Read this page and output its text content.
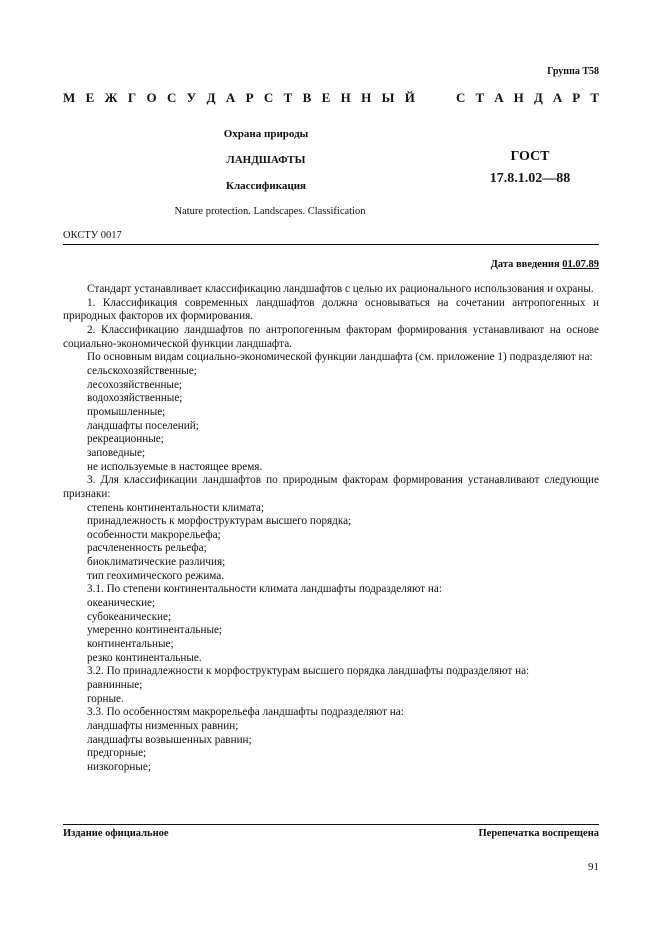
Группа Т58
М Е Ж Г О С У Д А Р С Т В Е Н Н Ы Й	С Т А Н Д А Р Т
Охрана природы
ЛАНДШАФТЫ
Классификация
Nature protection. Landscapes. Classification
ГОСТ
17.8.1.02—88
ОКСТУ 0017
Дата введения 01.07.89

Стандарт устанавливает классификацию ландшафтов с целью их рационального использования и охраны.

1. Классификация современных ландшафтов должна основываться на сочетании антропогенных и природных факторов их формирования.

2. Классификацию ландшафтов по антропогенным факторам формирования устанавливают на основе социально-экономической функции ландшафта.

По основным видам социально-экономической функции ландшафта (см. приложение 1) подразделяют на:

сельскохозяйственные;

лесохозяйственные;

водохозяйственные;

промышленные;

ландшафты поселений;

рекреационные;

заповедные;

не используемые в настоящее время.

3. Для классификации ландшафтов по природным факторам формирования устанавливают следующие признаки:

степень континентальности климата;

принадлежность к морфоструктурам высшего порядка;

особенности макрорельефа;

расчлененность рельефа;

биоклиматические различия;

тип геохимического режима.

3.1. По степени континентальности климата ландшафты подразделяют на:

океанические;

субокеанические;

умеренно континентальные;

континентальные;

резко континентальные.

3.2. По принадлежности к морфоструктурам высшего порядка ландшафты подразделяют на:

равнинные;

горные.

3.3. По особенностям макрорельефа ландшафты подразделяют на:

ландшафты низменных равнин;

ландшафты возвышенных равнин;

предгорные;

низкогорные;

Издание официальное	Перепечатка воспрещена
91
